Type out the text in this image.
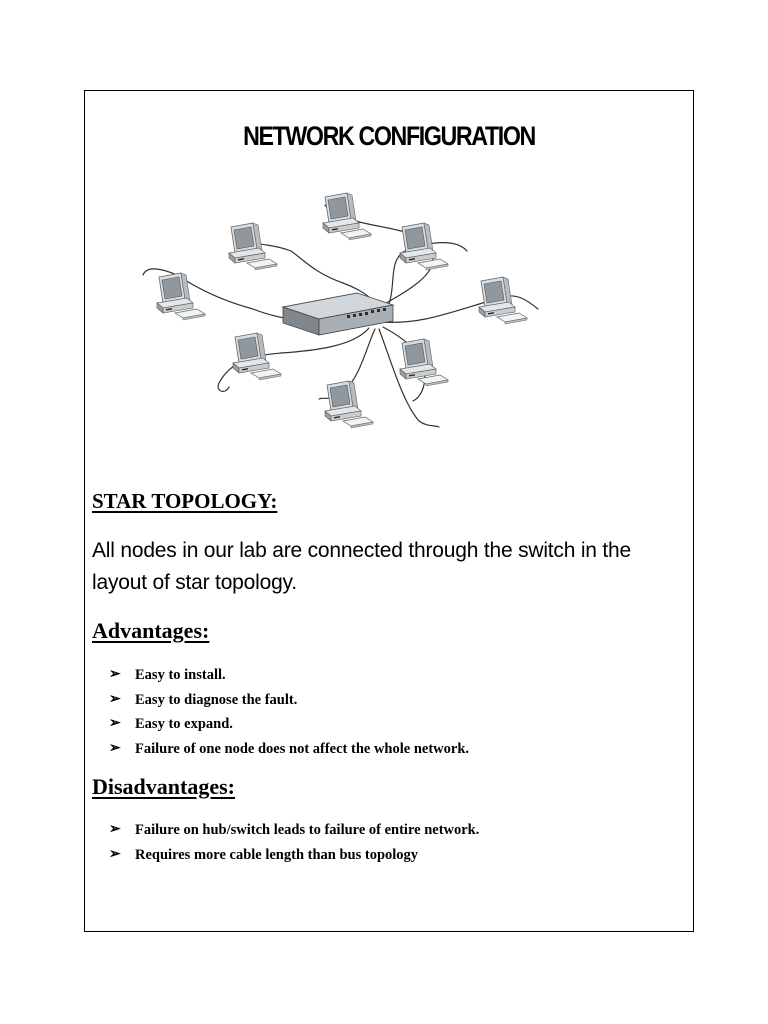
NETWORK CONFIGURATION
STAR TOPOLOGY:
All nodes in our lab are connected through the switch in the layout of star topology.
Advantages:
➢ Easy to install.
➢ Easy to diagnose the fault.
➢ Easy to expand.
➢ Failure of one node does not affect the whole network.
Disadvantages:
➢ Failure on hub/switch leads to failure of entire network.
➢ Requires more cable length than bus topology
